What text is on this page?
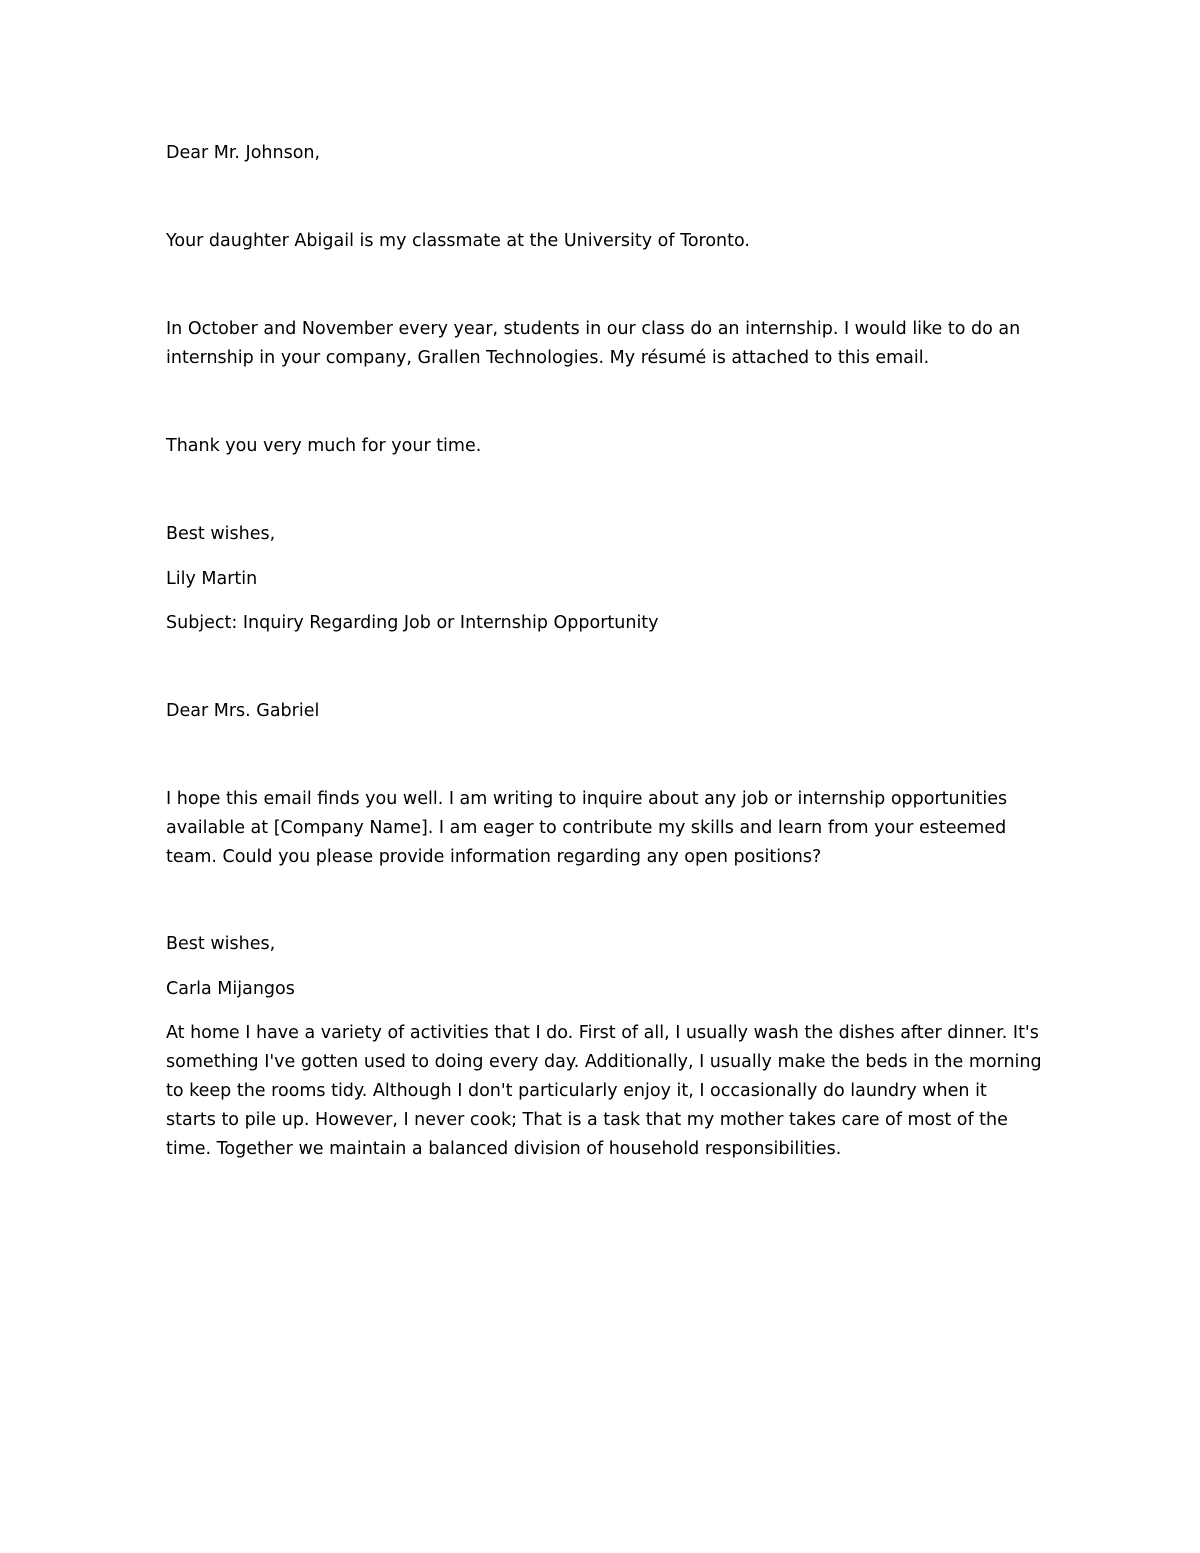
Dear Mr. Johnson,

Your daughter Abigail is my classmate at the University of Toronto.

In October and November every year, students in our class do an internship. I would like to do an
internship in your company, Grallen Technologies. My résumé is attached to this email.

Thank you very much for your time.

Best wishes,

Lily Martin

Subject: Inquiry Regarding Job or Internship Opportunity

Dear Mrs. Gabriel

I hope this email finds you well. I am writing to inquire about any job or internship opportunities
available at [Company Name]. I am eager to contribute my skills and learn from your esteemed
team. Could you please provide information regarding any open positions?

Best wishes,

Carla Mijangos

At home I have a variety of activities that I do. First of all, I usually wash the dishes after dinner. It's
something I've gotten used to doing every day. Additionally, I usually make the beds in the morning
to keep the rooms tidy. Although I don't particularly enjoy it, I occasionally do laundry when it
starts to pile up. However, I never cook; That is a task that my mother takes care of most of the
time. Together we maintain a balanced division of household responsibilities.
